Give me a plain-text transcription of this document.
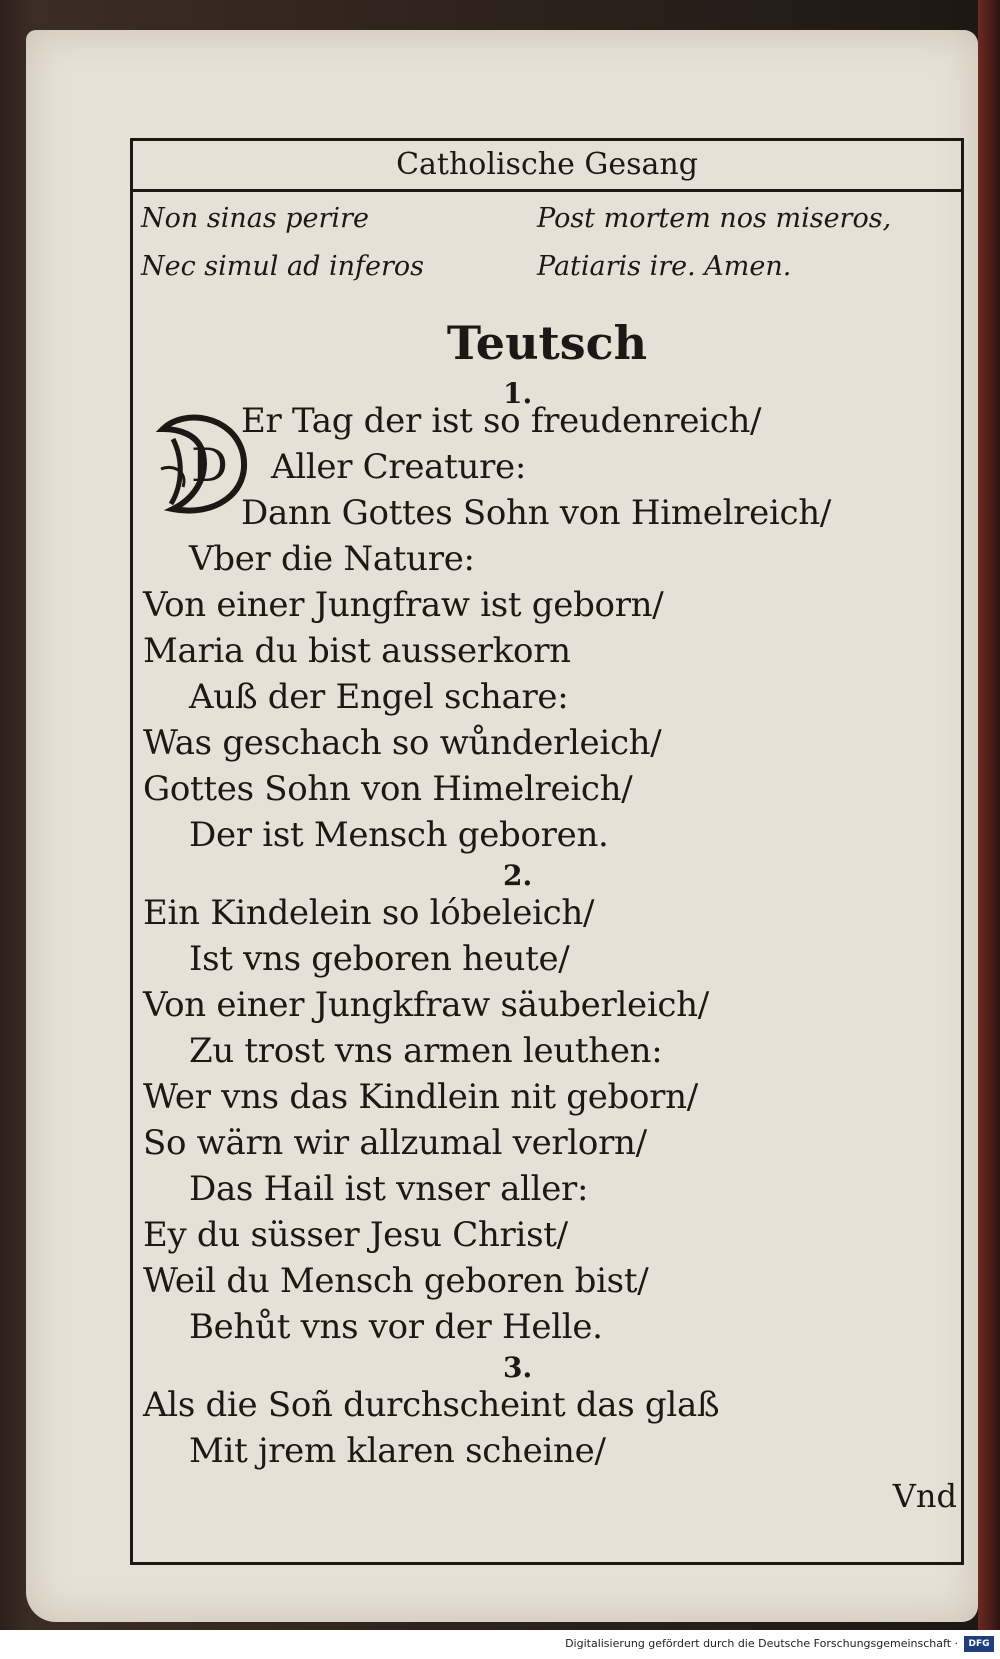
Catholische Gesang
Non sinas perire	Post mortem nos miseros,
Nec simul ad inferos	Patiaris ire. Amen.
Teutsch
1.
D
Er Tag der ist so freudenreich/
Aller Creature:
Dann Gottes Sohn von Himelreich/
Vber die Nature:
Von einer Jungfraw ist geborn/
Maria du bist ausserkorn
Auß der Engel schare:
Was geschach so wůnderleich/
Gottes Sohn von Himelreich/
Der ist Mensch geboren.
2.
Ein Kindelein so lóbeleich/
Ist vns geboren heute/
Von einer Jungkfraw säuberleich/
Zu trost vns armen leuthen:
Wer vns das Kindlein nit geborn/
So wärn wir allzumal verlorn/
Das Hail ist vnser aller:
Ey du süsser Jesu Christ/
Weil du Mensch geboren bist/
Behůt vns vor der Helle.
3.
Als die Soñ durchscheint das glaß
Mit jrem klaren scheine/
Vnd
Digitalisierung gefördert durch die Deutsche Forschungsgemeinschaft ·	DFG
